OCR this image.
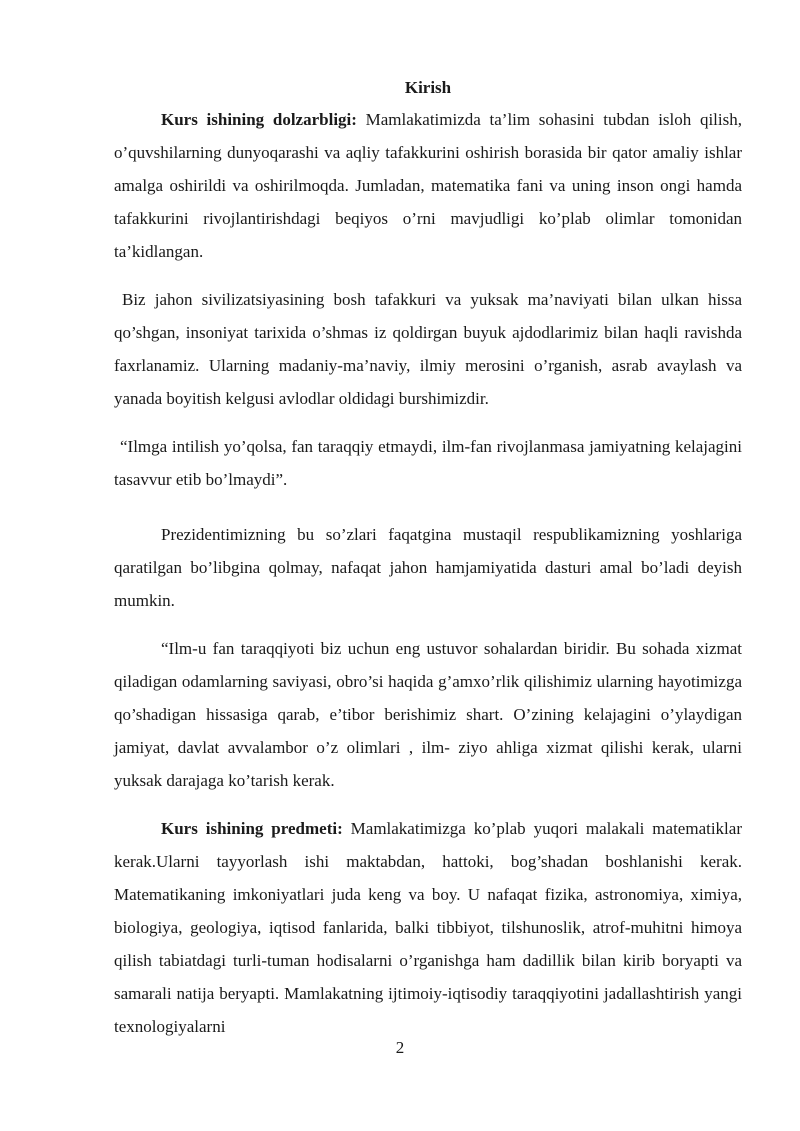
Kirish

Kurs ishining dolzarbligi: Mamlakatimizda ta’lim sohasini tubdan isloh qilish, o’quvshilarning dunyoqarashi va aqliy tafakkurini oshirish borasida bir qator amaliy ishlar amalga oshirildi va oshirilmoqda. Jumladan, matematika fani va uning inson ongi hamda tafakkurini rivojlantirishdagi beqiyos o’rni mavjudligi ko’plab olimlar tomonidan ta’kidlangan.

Biz jahon sivilizatsiyasining bosh tafakkuri va yuksak ma’naviyati bilan ulkan hissa qo’shgan, insoniyat tarixida o’shmas iz qoldirgan buyuk ajdodlarimiz bilan haqli ravishda faxrlanamiz. Ularning madaniy-ma’naviy, ilmiy merosini o’rganish, asrab avaylash va yanada boyitish kelgusi avlodlar oldidagi burshimizdir.

“Ilmga intilish yo’qolsa, fan taraqqiy etmaydi, ilm-fan rivojlanmasa jamiyatning kelajagini tasavvur etib bo’lmaydi”.

Prezidentimizning bu so’zlari faqatgina mustaqil respublikamizning yoshlariga qaratilgan bo’libgina qolmay, nafaqat jahon hamjamiyatida dasturi amal bo’ladi deyish mumkin.

“Ilm-u fan taraqqiyoti biz uchun eng ustuvor sohalardan biridir. Bu sohada xizmat qiladigan odamlarning saviyasi, obro’si haqida g’amxo’rlik qilishimiz ularning hayotimizga qo’shadigan hissasiga qarab, e’tibor berishimiz shart. O’zining kelajagini o’ylaydigan jamiyat, davlat avvalambor o’z olimlari , ilm- ziyo ahliga xizmat qilishi kerak, ularni yuksak darajaga ko’tarish kerak.

Kurs ishining predmeti: Mamlakatimizga ko’plab yuqori malakali matematiklar kerak.Ularni tayyorlash ishi maktabdan, hattoki, bog’shadan boshlanishi kerak. Matematikaning imkoniyatlari juda keng va boy. U nafaqat fizika, astronomiya, ximiya, biologiya, geologiya, iqtisod fanlarida, balki tibbiyot, tilshunoslik, atrof-muhitni himoya qilish tabiatdagi turli-tuman hodisalarni o’rganishga ham dadillik bilan kirib boryapti va samarali natija beryapti. Mamlakatning ijtimoiy-iqtisodiy taraqqiyotini jadallashtirish yangi texnologiyalarni

2
